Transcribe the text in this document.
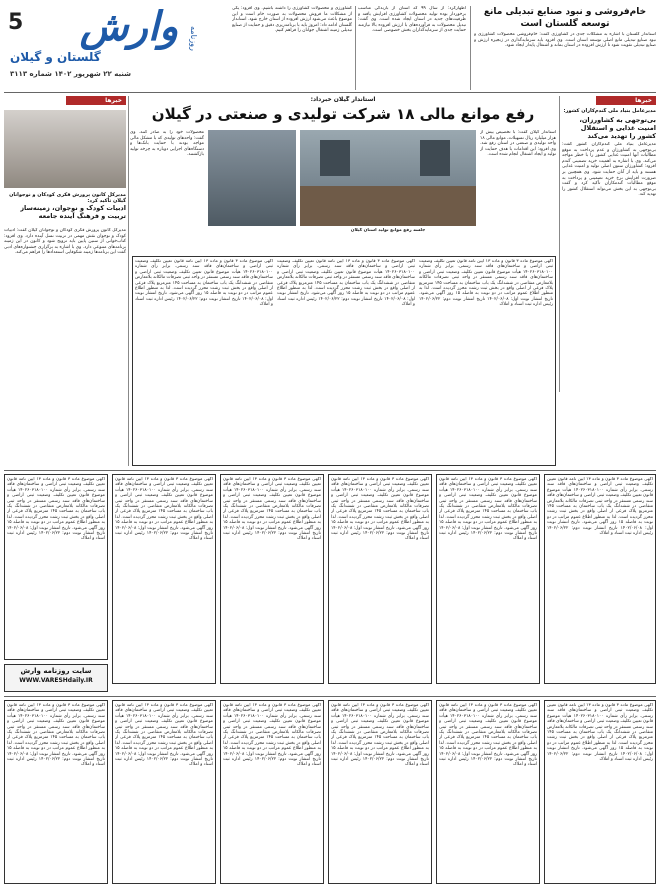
5	وارش	روزنامه
گلستان و گیلان
شنبه ۲۲ شهریور ۱۴۰۲ شماره ۳۱۱۳
کشاورزی و محصولات کشاورزی را داشته باشیم. وی افزود: یکی از مشکلات ما فروش محصولات به صورت خام است و این موضوع باعث می‌شود ارزش افزوده از استان خارج شود. استاندار گلستان ادامه داد: امروز باید با برنامه‌ریزی دقیق و حمایت از صنایع تبدیلی زمینه اشتغال جوانان را فراهم کنیم.
اظهارکرد: از سال ۹۹ که استان از بارندگی مناسب برخوردار بوده تولید محصولات کشاورزی افزایش یافته و ظرفیت‌های جدید در استان ایجاد شده است. وی گفت: تبدیل محصولات به فرآورده‌های با ارزش افزوده بالا نیازمند حمایت جدی از سرمایه‌گذاران بخش خصوصی است.
خام‌فروشی و نبود صنایع تبدیلی مانع توسعه گلستان است
استاندار گلستان با اشاره به مشکلات جدی در کشاورزی گفت: خام‌فروشی محصولات کشاورزی و نبود صنایع تبدیلی مانع اصلی توسعه استان است. وی افزود باید سرمایه‌گذاری در زنجیره ارزش و صنایع تبدیلی تقویت شود تا ارزش افزوده در استان بماند و اشتغال پایدار ایجاد شود.
خبرها
مدیرعامل بنیاد ملی گندم‌کاران کشور:
بی‌توجهی به کشاورزان، امنیت غذایی و استقلال کشور را تهدید می‌کند
مدیرعامل بنیاد ملی گندم‌کاران کشور گفت: بی‌توجهی به کشاورزان و عدم پرداخت به موقع مطالبات آنها امنیت غذایی کشور را با خطر مواجه می‌کند. وی با اشاره به اهمیت خرید تضمینی گندم افزود: کشاورزان ستون اصلی تولید و امنیت غذایی هستند و باید از آنان حمایت شود. وی همچنین بر ضرورت افزایش نرخ خرید تضمینی و پرداخت به موقع مطالبات گندمکاران تأکید کرد و گفت بی‌توجهی به این بخش می‌تواند استقلال کشور را تهدید کند.
استاندار گیلان خبرداد:
رفع موانع مالی ۱۸ شرکت تولیدی و صنعتی در گیلان
استاندار گیلان گفت: با تخصیص بیش از هزار میلیارد ریال تسهیلات، موانع مالی ۱۸ واحد تولیدی و صنعتی در استان رفع شد. وی افزود: این اقدامات با هدف حمایت از تولید و ایجاد اشتغال انجام شده است.
محصولات خود را به صادر کنند. وی گفت: واحدهای تولیدی که با مشکل مالی مواجه بودند با حمایت بانک‌ها و دستگاه‌های اجرایی دوباره به چرخه تولید بازگشتند.
جلسه رفع موانع تولید استان گیلان
خبرها
مدیرکل کانون پرورش فکری کودکان و نوجوانان گیلان تأکید کرد:
ادبیات کودک و نوجوان، زمینه‌ساز تربیت و فرهنگ آینده جامعه
مدیرکل کانون پرورش فکری کودکان و نوجوانان گیلان گفت: ادبیات کودک و نوجوان نقش مهمی در تربیت نسل آینده دارد. وی افزود: کتاب‌خوانی از سنین پایین باید ترویج شود و کانون در این زمینه برنامه‌های متنوعی دارد. وی با اشاره به برگزاری جشنواره‌های ادبی گفت این برنامه‌ها زمینه شکوفایی استعدادها را فراهم می‌کند.
آگهی موضوع ماده ۳ قانون و ماده ۱۳ آیین نامه قانون تعیین تکلیف وضعیت ثبتی اراضی و ساختمان‌های فاقد سند رسمی. برابر رأی شماره ۱۴۰۲۶۰۳۱۸۰۱۰۰ هیأت موضوع قانون تعیین تکلیف وضعیت ثبتی اراضی و ساختمان‌های فاقد سند رسمی مستقر در واحد ثبتی تصرفات مالکانه بلامعارض متقاضی در ششدانگ یک باب ساختمان به مساحت ۱۴۵ مترمربع پلاک فرعی از اصلی واقع در بخش ثبت رشت محرز گردیده است. لذا به منظور اطلاع عموم مراتب در دو نوبت به فاصله ۱۵ روز آگهی می‌شود. تاریخ انتشار نوبت اول: ۱۴۰۲/۰۶/۰۸ تاریخ انتشار نوبت دوم: ۱۴۰۲/۰۶/۲۲ رئیس اداره ثبت اسناد و املاک
آگهی موضوع ماده ۳ قانون و ماده ۱۳ آیین نامه قانون تعیین تکلیف وضعیت ثبتی اراضی و ساختمان‌های فاقد سند رسمی. برابر رأی شماره ۱۴۰۲۶۰۳۱۸۰۱۰۰ هیأت موضوع قانون تعیین تکلیف وضعیت ثبتی اراضی و ساختمان‌های فاقد سند رسمی مستقر در واحد ثبتی تصرفات مالکانه بلامعارض متقاضی در ششدانگ یک باب ساختمان به مساحت ۱۴۵ مترمربع پلاک فرعی از اصلی واقع در بخش ثبت رشت محرز گردیده است. لذا به منظور اطلاع عموم مراتب در دو نوبت به فاصله ۱۵ روز آگهی می‌شود. تاریخ انتشار نوبت اول: ۱۴۰۲/۰۶/۰۸ تاریخ انتشار نوبت دوم: ۱۴۰۲/۰۶/۲۲ رئیس اداره ثبت اسناد و املاک
آگهی موضوع ماده ۳ قانون و ماده ۱۳ آیین نامه قانون تعیین تکلیف وضعیت ثبتی اراضی و ساختمان‌های فاقد سند رسمی. برابر رأی شماره ۱۴۰۲۶۰۳۱۸۰۱۰۰ هیأت موضوع قانون تعیین تکلیف وضعیت ثبتی اراضی و ساختمان‌های فاقد سند رسمی مستقر در واحد ثبتی تصرفات مالکانه بلامعارض متقاضی در ششدانگ یک باب ساختمان به مساحت ۱۴۵ مترمربع پلاک فرعی از اصلی واقع در بخش ثبت رشت محرز گردیده است. لذا به منظور اطلاع عموم مراتب در دو نوبت به فاصله ۱۵ روز آگهی می‌شود. تاریخ انتشار نوبت اول: ۱۴۰۲/۰۶/۰۸ تاریخ انتشار نوبت دوم: ۱۴۰۲/۰۶/۲۲ رئیس اداره ثبت اسناد و املاک
آگهی موضوع ماده ۳ قانون و ماده ۱۳ آیین نامه قانون تعیین تکلیف وضعیت ثبتی اراضی و ساختمان‌های فاقد سند رسمی. برابر رأی شماره ۱۴۰۲۶۰۳۱۸۰۱۰۰ هیأت موضوع قانون تعیین تکلیف وضعیت ثبتی اراضی و ساختمان‌های فاقد سند رسمی مستقر در واحد ثبتی تصرفات مالکانه بلامعارض متقاضی در ششدانگ یک باب ساختمان به مساحت ۱۴۵ مترمربع پلاک فرعی از اصلی واقع در بخش ثبت رشت محرز گردیده است. لذا به منظور اطلاع عموم مراتب در دو نوبت به فاصله ۱۵ روز آگهی می‌شود. تاریخ انتشار نوبت اول: ۱۴۰۲/۰۶/۰۸ تاریخ انتشار نوبت دوم: ۱۴۰۲/۰۶/۲۲ رئیس اداره ثبت اسناد و املاک
آگهی موضوع ماده ۳ قانون و ماده ۱۳ آیین نامه قانون تعیین تکلیف وضعیت ثبتی اراضی و ساختمان‌های فاقد سند رسمی. برابر رأی شماره ۱۴۰۲۶۰۳۱۸۰۱۰۰ هیأت موضوع قانون تعیین تکلیف وضعیت ثبتی اراضی و ساختمان‌های فاقد سند رسمی مستقر در واحد ثبتی تصرفات مالکانه بلامعارض متقاضی در ششدانگ یک باب ساختمان به مساحت ۱۴۵ مترمربع پلاک فرعی از اصلی واقع در بخش ثبت رشت محرز گردیده است. لذا به منظور اطلاع عموم مراتب در دو نوبت به فاصله ۱۵ روز آگهی می‌شود. تاریخ انتشار نوبت اول: ۱۴۰۲/۰۶/۰۸ تاریخ انتشار نوبت دوم: ۱۴۰۲/۰۶/۲۲ رئیس اداره ثبت اسناد و املاک
آگهی موضوع ماده ۳ قانون و ماده ۱۳ آیین نامه قانون تعیین تکلیف وضعیت ثبتی اراضی و ساختمان‌های فاقد سند رسمی. برابر رأی شماره ۱۴۰۲۶۰۳۱۸۰۱۰۰ هیأت موضوع قانون تعیین تکلیف وضعیت ثبتی اراضی و ساختمان‌های فاقد سند رسمی مستقر در واحد ثبتی تصرفات مالکانه بلامعارض متقاضی در ششدانگ یک باب ساختمان به مساحت ۱۴۵ مترمربع پلاک فرعی از اصلی واقع در بخش ثبت رشت محرز گردیده است. لذا به منظور اطلاع عموم مراتب در دو نوبت به فاصله ۱۵ روز آگهی می‌شود. تاریخ انتشار نوبت اول: ۱۴۰۲/۰۶/۰۸ تاریخ انتشار نوبت دوم: ۱۴۰۲/۰۶/۲۲ رئیس اداره ثبت اسناد و املاک
آگهی موضوع ماده ۳ قانون و ماده ۱۳ آیین نامه قانون تعیین تکلیف وضعیت ثبتی اراضی و ساختمان‌های فاقد سند رسمی. برابر رأی شماره ۱۴۰۲۶۰۳۱۸۰۱۰۰ هیأت موضوع قانون تعیین تکلیف وضعیت ثبتی اراضی و ساختمان‌های فاقد سند رسمی مستقر در واحد ثبتی تصرفات مالکانه بلامعارض متقاضی در ششدانگ یک باب ساختمان به مساحت ۱۴۵ مترمربع پلاک فرعی از اصلی واقع در بخش ثبت رشت محرز گردیده است. لذا به منظور اطلاع عموم مراتب در دو نوبت به فاصله ۱۵ روز آگهی می‌شود. تاریخ انتشار نوبت اول: ۱۴۰۲/۰۶/۰۸ تاریخ انتشار نوبت دوم: ۱۴۰۲/۰۶/۲۲ رئیس اداره ثبت اسناد و املاک
آگهی موضوع ماده ۳ قانون و ماده ۱۳ آیین نامه قانون تعیین تکلیف وضعیت ثبتی اراضی و ساختمان‌های فاقد سند رسمی. برابر رأی شماره ۱۴۰۲۶۰۳۱۸۰۱۰۰ هیأت موضوع قانون تعیین تکلیف وضعیت ثبتی اراضی و ساختمان‌های فاقد سند رسمی مستقر در واحد ثبتی تصرفات مالکانه بلامعارض متقاضی در ششدانگ یک باب ساختمان به مساحت ۱۴۵ مترمربع پلاک فرعی از اصلی واقع در بخش ثبت رشت محرز گردیده است. لذا به منظور اطلاع عموم مراتب در دو نوبت به فاصله ۱۵ روز آگهی می‌شود. تاریخ انتشار نوبت اول: ۱۴۰۲/۰۶/۰۸ تاریخ انتشار نوبت دوم: ۱۴۰۲/۰۶/۲۲ رئیس اداره ثبت اسناد و املاک
آگهی موضوع ماده ۳ قانون و ماده ۱۳ آیین نامه قانون تعیین تکلیف وضعیت ثبتی اراضی و ساختمان‌های فاقد سند رسمی. برابر رأی شماره ۱۴۰۲۶۰۳۱۸۰۱۰۰ هیأت موضوع قانون تعیین تکلیف وضعیت ثبتی اراضی و ساختمان‌های فاقد سند رسمی مستقر در واحد ثبتی تصرفات مالکانه بلامعارض متقاضی در ششدانگ یک باب ساختمان به مساحت ۱۴۵ مترمربع پلاک فرعی از اصلی واقع در بخش ثبت رشت محرز گردیده است. لذا به منظور اطلاع عموم مراتب در دو نوبت به فاصله ۱۵ روز آگهی می‌شود. تاریخ انتشار نوبت اول: ۱۴۰۲/۰۶/۰۸ تاریخ انتشار نوبت دوم: ۱۴۰۲/۰۶/۲۲ رئیس اداره ثبت اسناد و املاک
سایت روزنامه وارش
WWW.VARESHdaily.IR
آگهی موضوع ماده ۳ قانون و ماده ۱۳ آیین نامه قانون تعیین تکلیف وضعیت ثبتی اراضی و ساختمان‌های فاقد سند رسمی. برابر رأی شماره ۱۴۰۲۶۰۳۱۸۰۱۰۰ هیأت موضوع قانون تعیین تکلیف وضعیت ثبتی اراضی و ساختمان‌های فاقد سند رسمی مستقر در واحد ثبتی تصرفات مالکانه بلامعارض متقاضی در ششدانگ یک باب ساختمان به مساحت ۱۴۵ مترمربع پلاک فرعی از اصلی واقع در بخش ثبت رشت محرز گردیده است. لذا به منظور اطلاع عموم مراتب در دو نوبت به فاصله ۱۵ روز آگهی می‌شود. تاریخ انتشار نوبت اول: ۱۴۰۲/۰۶/۰۸ تاریخ انتشار نوبت دوم: ۱۴۰۲/۰۶/۲۲ رئیس اداره ثبت اسناد و املاک
آگهی موضوع ماده ۳ قانون و ماده ۱۳ آیین نامه قانون تعیین تکلیف وضعیت ثبتی اراضی و ساختمان‌های فاقد سند رسمی. برابر رأی شماره ۱۴۰۲۶۰۳۱۸۰۱۰۰ هیأت موضوع قانون تعیین تکلیف وضعیت ثبتی اراضی و ساختمان‌های فاقد سند رسمی مستقر در واحد ثبتی تصرفات مالکانه بلامعارض متقاضی در ششدانگ یک باب ساختمان به مساحت ۱۴۵ مترمربع پلاک فرعی از اصلی واقع در بخش ثبت رشت محرز گردیده است. لذا به منظور اطلاع عموم مراتب در دو نوبت به فاصله ۱۵ روز آگهی می‌شود. تاریخ انتشار نوبت اول: ۱۴۰۲/۰۶/۰۸ تاریخ انتشار نوبت دوم: ۱۴۰۲/۰۶/۲۲ رئیس اداره ثبت اسناد و املاک
آگهی موضوع ماده ۳ قانون و ماده ۱۳ آیین نامه قانون تعیین تکلیف وضعیت ثبتی اراضی و ساختمان‌های فاقد سند رسمی. برابر رأی شماره ۱۴۰۲۶۰۳۱۸۰۱۰۰ هیأت موضوع قانون تعیین تکلیف وضعیت ثبتی اراضی و ساختمان‌های فاقد سند رسمی مستقر در واحد ثبتی تصرفات مالکانه بلامعارض متقاضی در ششدانگ یک باب ساختمان به مساحت ۱۴۵ مترمربع پلاک فرعی از اصلی واقع در بخش ثبت رشت محرز گردیده است. لذا به منظور اطلاع عموم مراتب در دو نوبت به فاصله ۱۵ روز آگهی می‌شود. تاریخ انتشار نوبت اول: ۱۴۰۲/۰۶/۰۸ تاریخ انتشار نوبت دوم: ۱۴۰۲/۰۶/۲۲ رئیس اداره ثبت اسناد و املاک
آگهی موضوع ماده ۳ قانون و ماده ۱۳ آیین نامه قانون تعیین تکلیف وضعیت ثبتی اراضی و ساختمان‌های فاقد سند رسمی. برابر رأی شماره ۱۴۰۲۶۰۳۱۸۰۱۰۰ هیأت موضوع قانون تعیین تکلیف وضعیت ثبتی اراضی و ساختمان‌های فاقد سند رسمی مستقر در واحد ثبتی تصرفات مالکانه بلامعارض متقاضی در ششدانگ یک باب ساختمان به مساحت ۱۴۵ مترمربع پلاک فرعی از اصلی واقع در بخش ثبت رشت محرز گردیده است. لذا به منظور اطلاع عموم مراتب در دو نوبت به فاصله ۱۵ روز آگهی می‌شود. تاریخ انتشار نوبت اول: ۱۴۰۲/۰۶/۰۸ تاریخ انتشار نوبت دوم: ۱۴۰۲/۰۶/۲۲ رئیس اداره ثبت اسناد و املاک
آگهی موضوع ماده ۳ قانون و ماده ۱۳ آیین نامه قانون تعیین تکلیف وضعیت ثبتی اراضی و ساختمان‌های فاقد سند رسمی. برابر رأی شماره ۱۴۰۲۶۰۳۱۸۰۱۰۰ هیأت موضوع قانون تعیین تکلیف وضعیت ثبتی اراضی و ساختمان‌های فاقد سند رسمی مستقر در واحد ثبتی تصرفات مالکانه بلامعارض متقاضی در ششدانگ یک باب ساختمان به مساحت ۱۴۵ مترمربع پلاک فرعی از اصلی واقع در بخش ثبت رشت محرز گردیده است. لذا به منظور اطلاع عموم مراتب در دو نوبت به فاصله ۱۵ روز آگهی می‌شود. تاریخ انتشار نوبت اول: ۱۴۰۲/۰۶/۰۸ تاریخ انتشار نوبت دوم: ۱۴۰۲/۰۶/۲۲ رئیس اداره ثبت اسناد و املاک
آگهی موضوع ماده ۳ قانون و ماده ۱۳ آیین نامه قانون تعیین تکلیف وضعیت ثبتی اراضی و ساختمان‌های فاقد سند رسمی. برابر رأی شماره ۱۴۰۲۶۰۳۱۸۰۱۰۰ هیأت موضوع قانون تعیین تکلیف وضعیت ثبتی اراضی و ساختمان‌های فاقد سند رسمی مستقر در واحد ثبتی تصرفات مالکانه بلامعارض متقاضی در ششدانگ یک باب ساختمان به مساحت ۱۴۵ مترمربع پلاک فرعی از اصلی واقع در بخش ثبت رشت محرز گردیده است. لذا به منظور اطلاع عموم مراتب در دو نوبت به فاصله ۱۵ روز آگهی می‌شود. تاریخ انتشار نوبت اول: ۱۴۰۲/۰۶/۰۸ تاریخ انتشار نوبت دوم: ۱۴۰۲/۰۶/۲۲ رئیس اداره ثبت اسناد و املاک
